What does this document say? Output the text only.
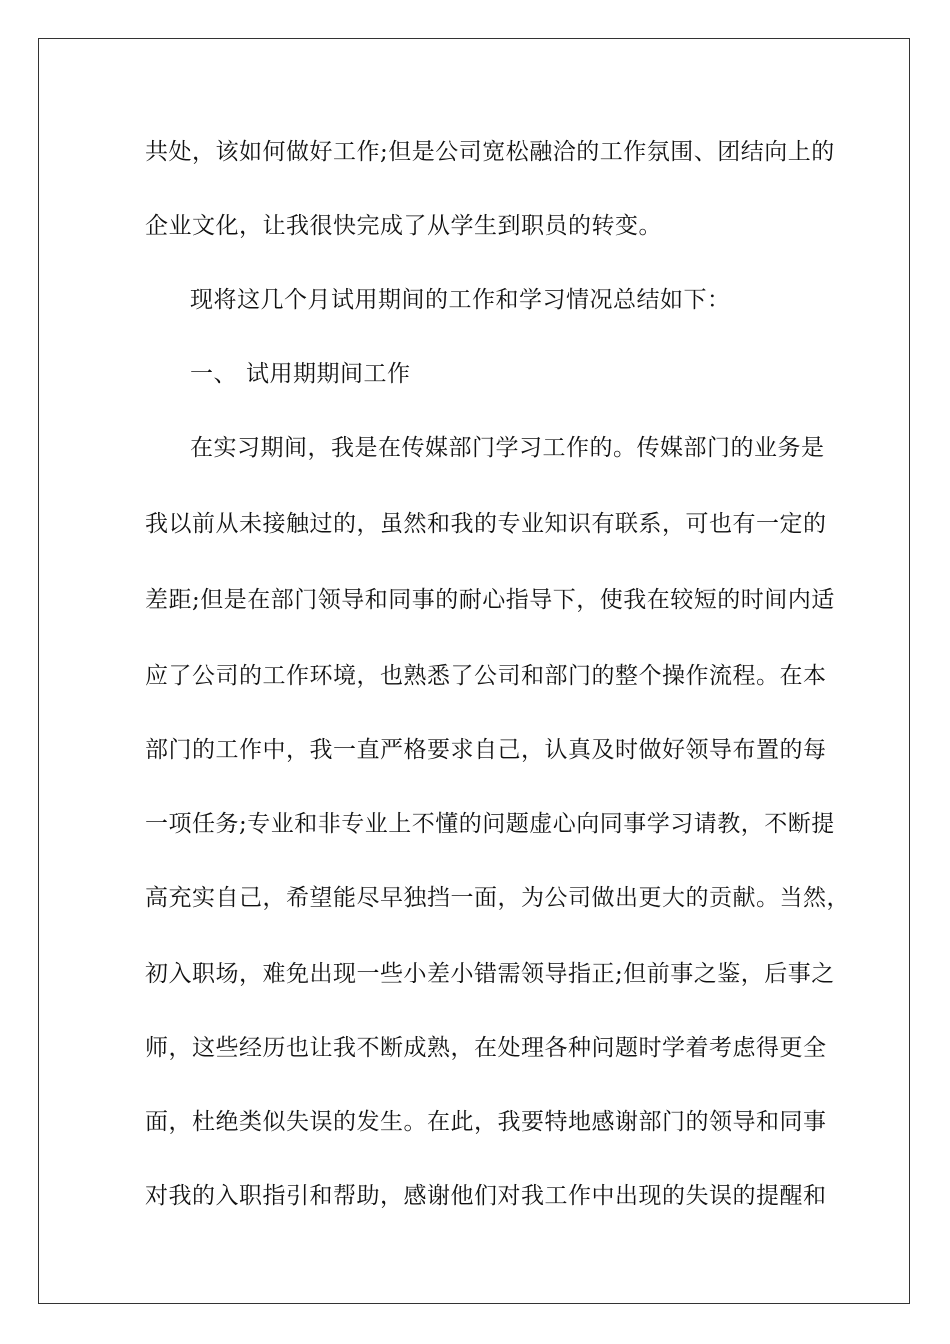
共处，该如何做好工作;但是公司宽松融洽的工作氛围、团结向上的
企业文化，让我很快完成了从学生到职员的转变。
现将这几个月试用期间的工作和学习情况总结如下：
一、 试用期期间工作
在实习期间，我是在传媒部门学习工作的。传媒部门的业务是
我以前从未接触过的，虽然和我的专业知识有联系，可也有一定的
差距;但是在部门领导和同事的耐心指导下，使我在较短的时间内适
应了公司的工作环境，也熟悉了公司和部门的整个操作流程。在本
部门的工作中，我一直严格要求自己，认真及时做好领导布置的每
一项任务;专业和非专业上不懂的问题虚心向同事学习请教，不断提
高充实自己，希望能尽早独挡一面，为公司做出更大的贡献。当然，
初入职场，难免出现一些小差小错需领导指正;但前事之鉴，后事之
师，这些经历也让我不断成熟，在处理各种问题时学着考虑得更全
面，杜绝类似失误的发生。在此，我要特地感谢部门的领导和同事
对我的入职指引和帮助，感谢他们对我工作中出现的失误的提醒和
